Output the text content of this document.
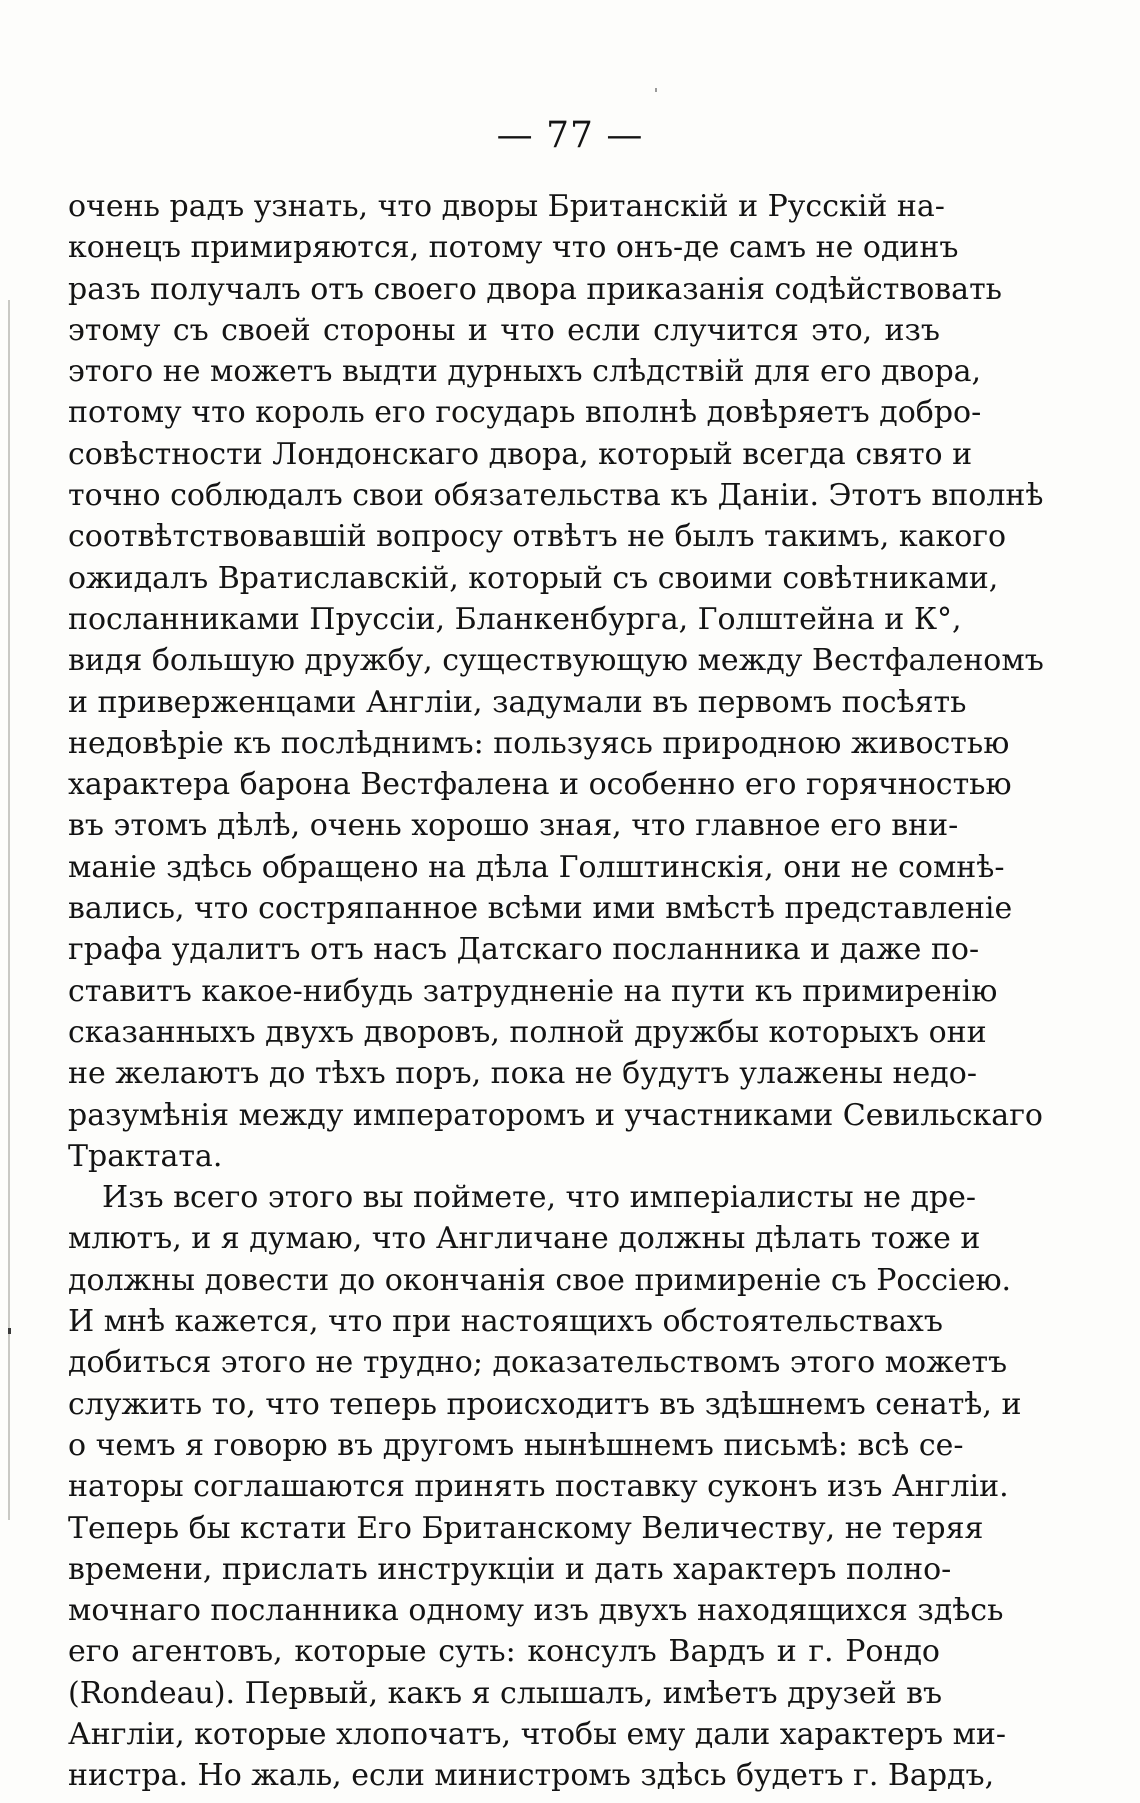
— 77 —
очень радъ узнать, что дворы Британскій и Русскій на-
конецъ примиряются, потому что онъ-де самъ не одинъ
разъ получалъ отъ своего двора приказанія содѣйствовать
этому съ своей стороны и что если случится это, изъ
этого не можетъ выдти дурныхъ слѣдствій для его двора,
потому что король его государь вполнѣ довѣряетъ добро-
совѣстности Лондонскаго двора, который всегда свято и
точно соблюдалъ свои обязательства къ Даніи. Этотъ вполнѣ
соотвѣтствовавшій вопросу отвѣтъ не былъ такимъ, какого
ожидалъ Вратиславскій, который съ своими совѣтниками,
посланниками Пруссіи, Бланкенбурга, Голштейна и К°,
видя большую дружбу, существующую между Вестфаленомъ
и приверженцами Англіи, задумали въ первомъ посѣять
недовѣріе къ послѣднимъ: пользуясь природною живостью
характера барона Вестфалена и особенно его горячностью
въ этомъ дѣлѣ, очень хорошо зная, что главное его вни-
маніе здѣсь обращено на дѣла Голштинскія, они не сомнѣ-
вались, что состряпанное всѣми ими вмѣстѣ представленіе
графа удалитъ отъ насъ Датскаго посланника и даже по-
ставитъ какое-нибудь затрудненіе на пути къ примиренію
сказанныхъ двухъ дворовъ, полной дружбы которыхъ они
не желаютъ до тѣхъ поръ, пока не будутъ улажены недо-
разумѣнія между императоромъ и участниками Севильскаго
Трактата.
Изъ всего этого вы поймете, что имперіалисты не дре-
млютъ, и я думаю, что Англичане должны дѣлать тоже и
должны довести до окончанія свое примиреніе съ Россіею.
И мнѣ кажется, что при настоящихъ обстоятельствахъ
добиться этого не трудно; доказательствомъ этого можетъ
служить то, что теперь происходитъ въ здѣшнемъ сенатѣ, и
о чемъ я говорю въ другомъ нынѣшнемъ письмѣ: всѣ се-
наторы соглашаются принять поставку суконъ изъ Англіи.
Теперь бы кстати Его Британскому Величеству, не теряя
времени, прислать инструкціи и дать характеръ полно-
мочнаго посланника одному изъ двухъ находящихся здѣсь
его агентовъ, которые суть: консулъ Вардъ и г. Рондо
(Rondeau). Первый, какъ я слышалъ, имѣетъ друзей въ
Англіи, которые хлопочатъ, чтобы ему дали характеръ ми-
нистра. Но жаль, если министромъ здѣсь будетъ г. Вардъ,
